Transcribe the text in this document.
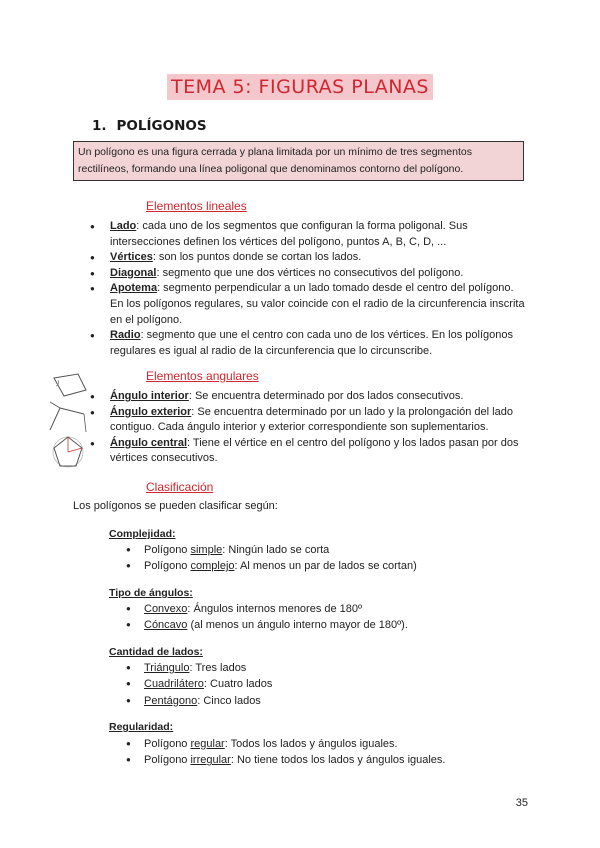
TEMA 5: FIGURAS PLANAS
1. POLÍGONOS
Un polígono es una figura cerrada y plana limitada por un mínimo de tres segmentos rectilíneos, formando una línea poligonal que denominamos contorno del polígono.
Elementos lineales
● Lado: cada uno de los segmentos que configuran la forma poligonal. Sus intersecciones definen los vértices del polígono, puntos A, B, C, D, ...
● Vértices: son los puntos donde se cortan los lados.
● Diagonal: segmento que une dos vértices no consecutivos del polígono.
● Apotema: segmento perpendicular a un lado tomado desde el centro del polígono. En los polígonos regulares, su valor coincide con el radio de la circunferencia inscrita en el polígono.
● Radio: segmento que une el centro con cada uno de los vértices. En los polígonos regulares es igual al radio de la circunferencia que lo circunscribe.
Elementos angulares
● Ángulo interior: Se encuentra determinado por dos lados consecutivos.
● Ángulo exterior: Se encuentra determinado por un lado y la prolongación del lado contiguo. Cada ángulo interior y exterior correspondiente son suplementarios.
● Ángulo central: Tiene el vértice en el centro del polígono y los lados pasan por dos vértices consecutivos.
Clasificación
Los polígonos se pueden clasificar según:
Complejidad:
● Polígono simple: Ningún lado se corta
● Polígono complejo: Al menos un par de lados se cortan)
Tipo de ángulos:
● Convexo: Ángulos internos menores de 180º
● Cóncavo (al menos un ángulo interno mayor de 180º).
Cantidad de lados:
● Triángulo: Tres lados
● Cuadrilátero: Cuatro lados
● Pentágono: Cinco lados
Regularidad:
● Polígono regular: Todos los lados y ángulos iguales.
● Polígono irregular: No tiene todos los lados y ángulos iguales.
35
